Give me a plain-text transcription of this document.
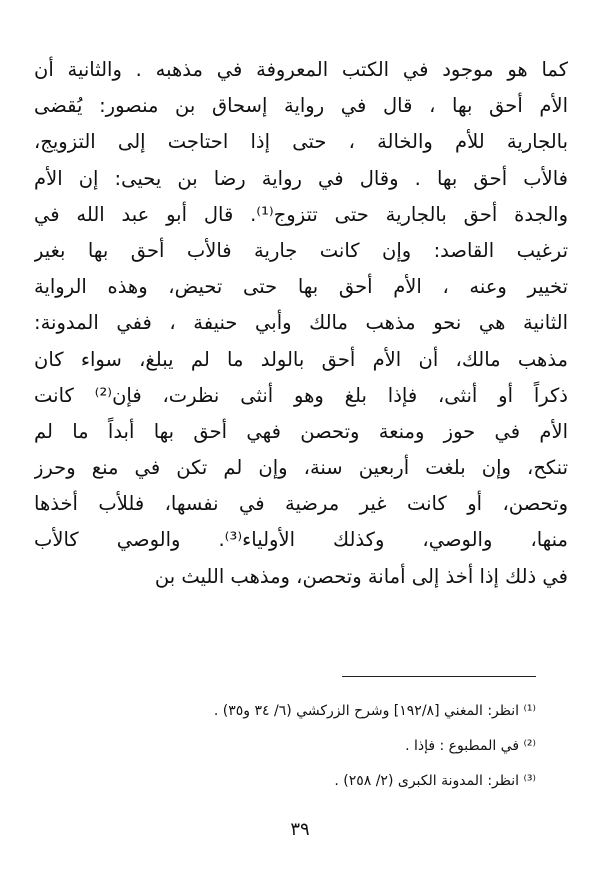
كما هو موجود في الكتب المعروفة في مذهبه . والثانية أن
الأم أحق بها ، قال في رواية إسحاق بن منصور: يُقضى
بالجارية للأم والخالة ، حتى إذا احتاجت إلى التزويج،
فالأب أحق بها . وقال في رواية رضا بن يحيى: إن الأم
والجدة أحق بالجارية حتى تتزوج⁽¹⁾. قال أبو عبد الله في
ترغيب القاصد: وإن كانت جارية فالأب أحق بها بغير
تخيير وعنه ، الأم أحق بها حتى تحيض، وهذه الرواية
الثانية هي نحو مذهب مالك وأبي حنيفة ، ففي المدونة:
مذهب مالك، أن الأم أحق بالولد ما لم يبلغ، سواء كان
ذكراً أو أنثى، فإذا بلغ وهو أنثى نظرت، فإن⁽²⁾ كانت
الأم في حوز ومنعة وتحصن فهي أحق بها أبداً ما لم
تنكح، وإن بلغت أربعين سنة، وإن لم تكن في منع وحرز
وتحصن، أو كانت غير مرضية في نفسها، فللأب أخذها
منها، والوصي، وكذلك الأولياء⁽³⁾. والوصي كالأب
في ذلك إذا أخذ إلى أمانة وتحصن، ومذهب الليث بن
⁽¹⁾ انظر: المغني [١٩٢/٨] وشرح الزركشي (٦/ ٣٤ و٣٥) .
⁽²⁾ في المطبوع : فإذا .
⁽³⁾ انظر: المدونة الكبرى (٢/ ٢٥٨) .
٣٩
